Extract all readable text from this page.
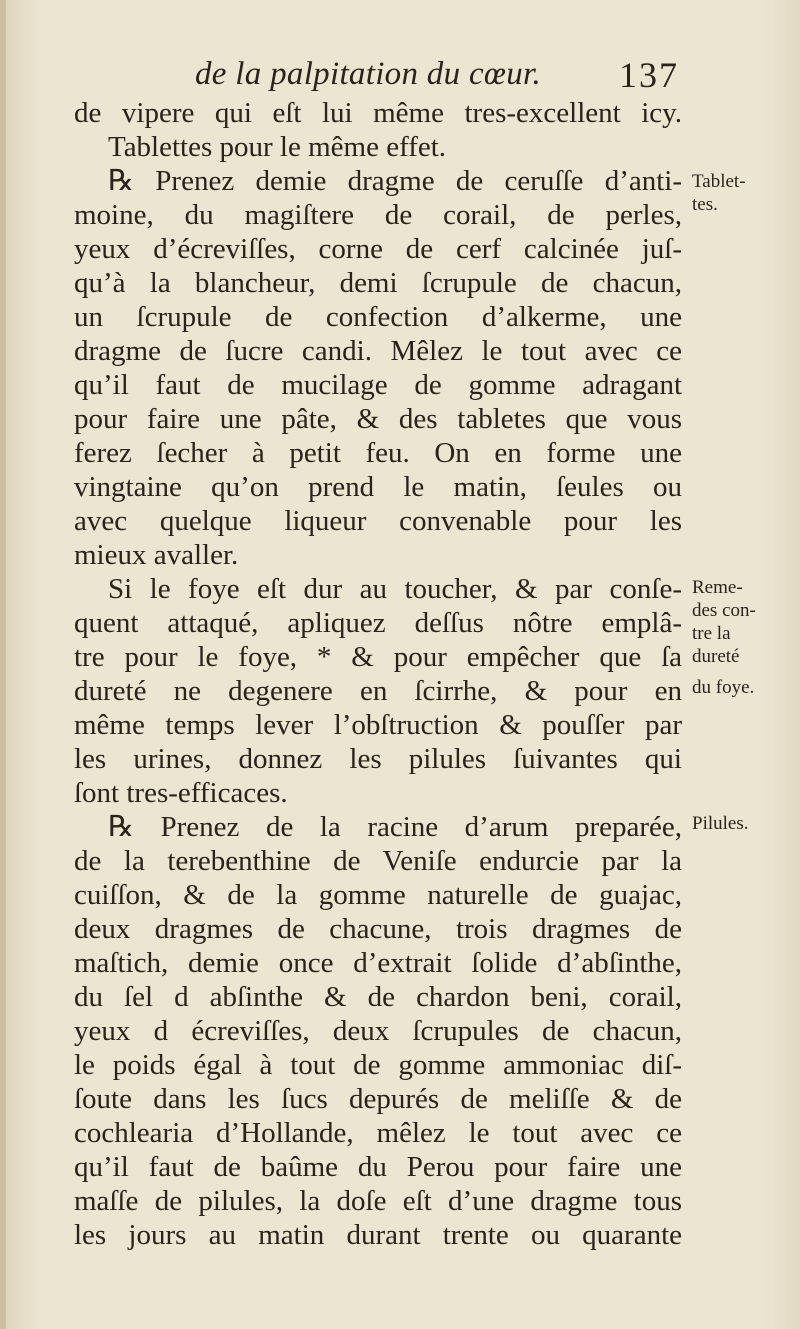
de la palpitation du cœur. 137
de vipere qui eſt lui même tres-excellent icy.
Tablettes pour le même effet.
℞ Prenez demie dragme de ceruſſe d’anti-
moine, du magiſtere de corail, de perles,
yeux d’écreviſſes, corne de cerf calcinée juſ-
qu’à la blancheur, demi ſcrupule de chacun,
un ſcrupule de confection d’alkerme, une
dragme de ſucre candi. Mêlez le tout avec ce
qu’il faut de mucilage de gomme adragant
pour faire une pâte, & des tabletes que vous
ferez ſecher à petit feu. On en forme une
vingtaine qu’on prend le matin, ſeules ou
avec quelque liqueur convenable pour les
mieux avaller.
Si le foye eſt dur au toucher, & par conſe-
quent attaqué, apliquez deſſus nôtre emplâ-
tre pour le foye, * & pour empêcher que ſa
dureté ne degenere en ſcirrhe, & pour en
même temps lever l’obſtruction & pouſſer par
les urines, donnez les pilules ſuivantes qui
ſont tres-efficaces.
℞ Prenez de la racine d’arum preparée,
de la terebenthine de Veniſe endurcie par la
cuiſſon, & de la gomme naturelle de guajac,
deux dragmes de chacune, trois dragmes de
maſtich, demie once d’extrait ſolide d’abſinthe,
du ſel d abſinthe & de chardon beni, corail,
yeux d écreviſſes, deux ſcrupules de chacun,
le poids égal à tout de gomme ammoniac diſ-
ſoute dans les ſucs depurés de meliſſe & de
cochlearia d’Hollande, mêlez le tout avec ce
qu’il faut de baûme du Perou pour faire une
maſſe de pilules, la doſe eſt d’une dragme tous
les jours au matin durant trente ou quarante
Tablet-
tes.
Reme-
des con-
tre la
dureté
du foye.
Pilules.
